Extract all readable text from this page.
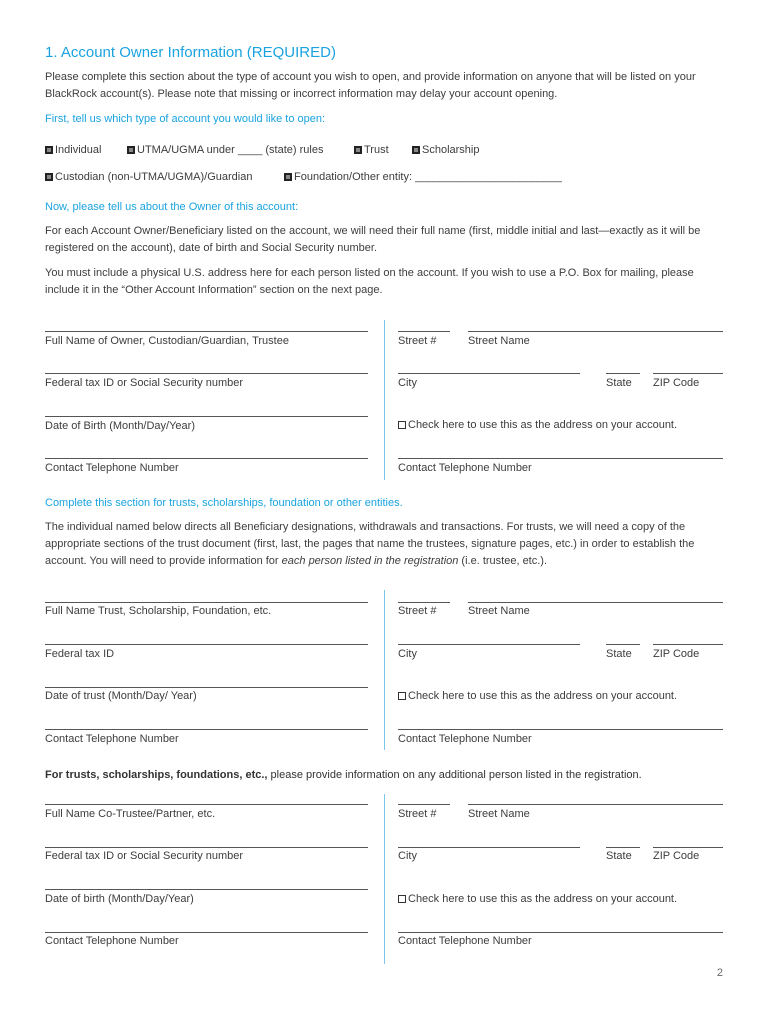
1. Account Owner Information (REQUIRED)
Please complete this section about the type of account you wish to open, and provide information on anyone that will be listed on your BlackRock account(s). Please note that missing or incorrect information may delay your account opening.
First, tell us which type of account you would like to open:
Individual	UTMA/UGMA under ____ (state) rules	Trust	Scholarship
Custodian (non-UTMA/UGMA)/Guardian	Foundation/Other entity: ________________________
Now, please tell us about the Owner of this account:
For each Account Owner/Beneficiary listed on the account, we will need their full name (first, middle initial and last—exactly as it will be registered on the account), date of birth and Social Security number.
You must include a physical U.S. address here for each person listed on the account. If you wish to use a P.O. Box for mailing, please include it in the “Other Account Information” section on the next page.
Full Name of Owner, Custodian/Guardian, Trustee
Federal tax ID or Social Security number
Date of Birth (Month/Day/Year)
Contact Telephone Number
Street #	Street Name
City	State ZIP Code
Check here to use this as the address on your account.
Contact Telephone Number
Complete this section for trusts, scholarships, foundation or other entities.
The individual named below directs all Beneficiary designations, withdrawals and transactions. For trusts, we will need a copy of the appropriate sections of the trust document (first, last, the pages that name the trustees, signature pages, etc.) in order to establish the account. You will need to provide information for each person listed in the registration (i.e. trustee, etc.).
Full Name Trust, Scholarship, Foundation, etc.
Federal tax ID
Date of trust (Month/Day/ Year)
Contact Telephone Number
Street #	Street Name
City	State ZIP Code
Check here to use this as the address on your account.
Contact Telephone Number
For trusts, scholarships, foundations, etc., please provide information on any additional person listed in the registration.
Full Name Co-Trustee/Partner, etc.
Federal tax ID or Social Security number
Date of birth (Month/Day/Year)
Contact Telephone Number
Street #	Street Name
City	State ZIP Code
Check here to use this as the address on your account.
Contact Telephone Number
2
